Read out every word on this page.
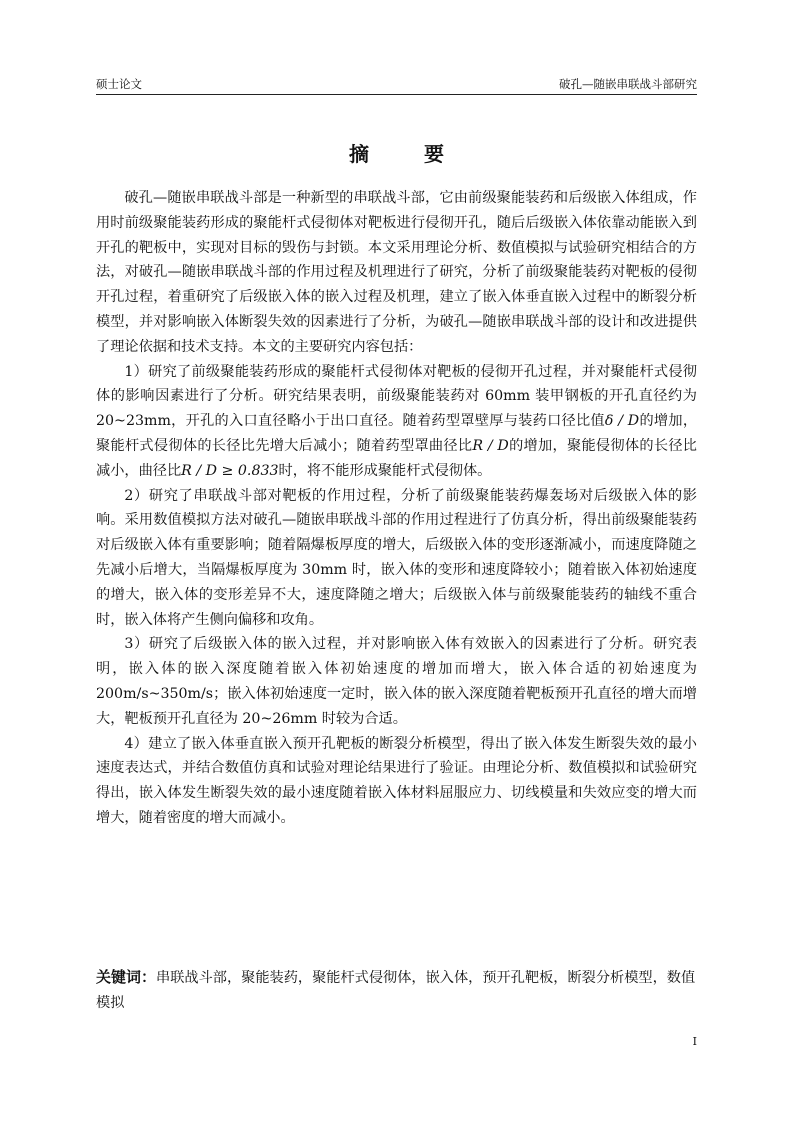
硕士论文	破孔—随嵌串联战斗部研究
摘 要

破孔—随嵌串联战斗部是一种新型的串联战斗部，它由前级聚能装药和后级嵌入体组成，作用时前级聚能装药形成的聚能杆式侵彻体对靶板进行侵彻开孔，随后后级嵌入体依靠动能嵌入到开孔的靶板中，实现对目标的毁伤与封锁。本文采用理论分析、数值模拟与试验研究相结合的方法，对破孔—随嵌串联战斗部的作用过程及机理进行了研究，分析了前级聚能装药对靶板的侵彻开孔过程，着重研究了后级嵌入体的嵌入过程及机理，建立了嵌入体垂直嵌入过程中的断裂分析模型，并对影响嵌入体断裂失效的因素进行了分析，为破孔—随嵌串联战斗部的设计和改进提供了理论依据和技术支持。本文的主要研究内容包括：

1）研究了前级聚能装药形成的聚能杆式侵彻体对靶板的侵彻开孔过程，并对聚能杆式侵彻体的影响因素进行了分析。研究结果表明，前级聚能装药对 60mm 装甲钢板的开孔直径约为 20~23mm，开孔的入口直径略小于出口直径。随着药型罩壁厚与装药口径比值δ / D的增加，聚能杆式侵彻体的长径比先增大后减小；随着药型罩曲径比R / D的增加，聚能侵彻体的长径比减小，曲径比R / D ≥ 0.833时，将不能形成聚能杆式侵彻体。

2）研究了串联战斗部对靶板的作用过程，分析了前级聚能装药爆轰场对后级嵌入体的影响。采用数值模拟方法对破孔—随嵌串联战斗部的作用过程进行了仿真分析，得出前级聚能装药对后级嵌入体有重要影响；随着隔爆板厚度的增大，后级嵌入体的变形逐渐减小，而速度降随之先减小后增大，当隔爆板厚度为 30mm 时，嵌入体的变形和速度降较小；随着嵌入体初始速度的增大，嵌入体的变形差异不大，速度降随之增大；后级嵌入体与前级聚能装药的轴线不重合时，嵌入体将产生侧向偏移和攻角。

3）研究了后级嵌入体的嵌入过程，并对影响嵌入体有效嵌入的因素进行了分析。研究表明，嵌入体的嵌入深度随着嵌入体初始速度的增加而增大，嵌入体合适的初始速度为 200m/s~350m/s；嵌入体初始速度一定时，嵌入体的嵌入深度随着靶板预开孔直径的增大而增大，靶板预开孔直径为 20~26mm 时较为合适。

4）建立了嵌入体垂直嵌入预开孔靶板的断裂分析模型，得出了嵌入体发生断裂失效的最小速度表达式，并结合数值仿真和试验对理论结果进行了验证。由理论分析、数值模拟和试验研究得出，嵌入体发生断裂失效的最小速度随着嵌入体材料屈服应力、切线模量和失效应变的增大而增大，随着密度的增大而减小。

关键词：串联战斗部，聚能装药，聚能杆式侵彻体，嵌入体，预开孔靶板，断裂分析模型，数值模拟
I
